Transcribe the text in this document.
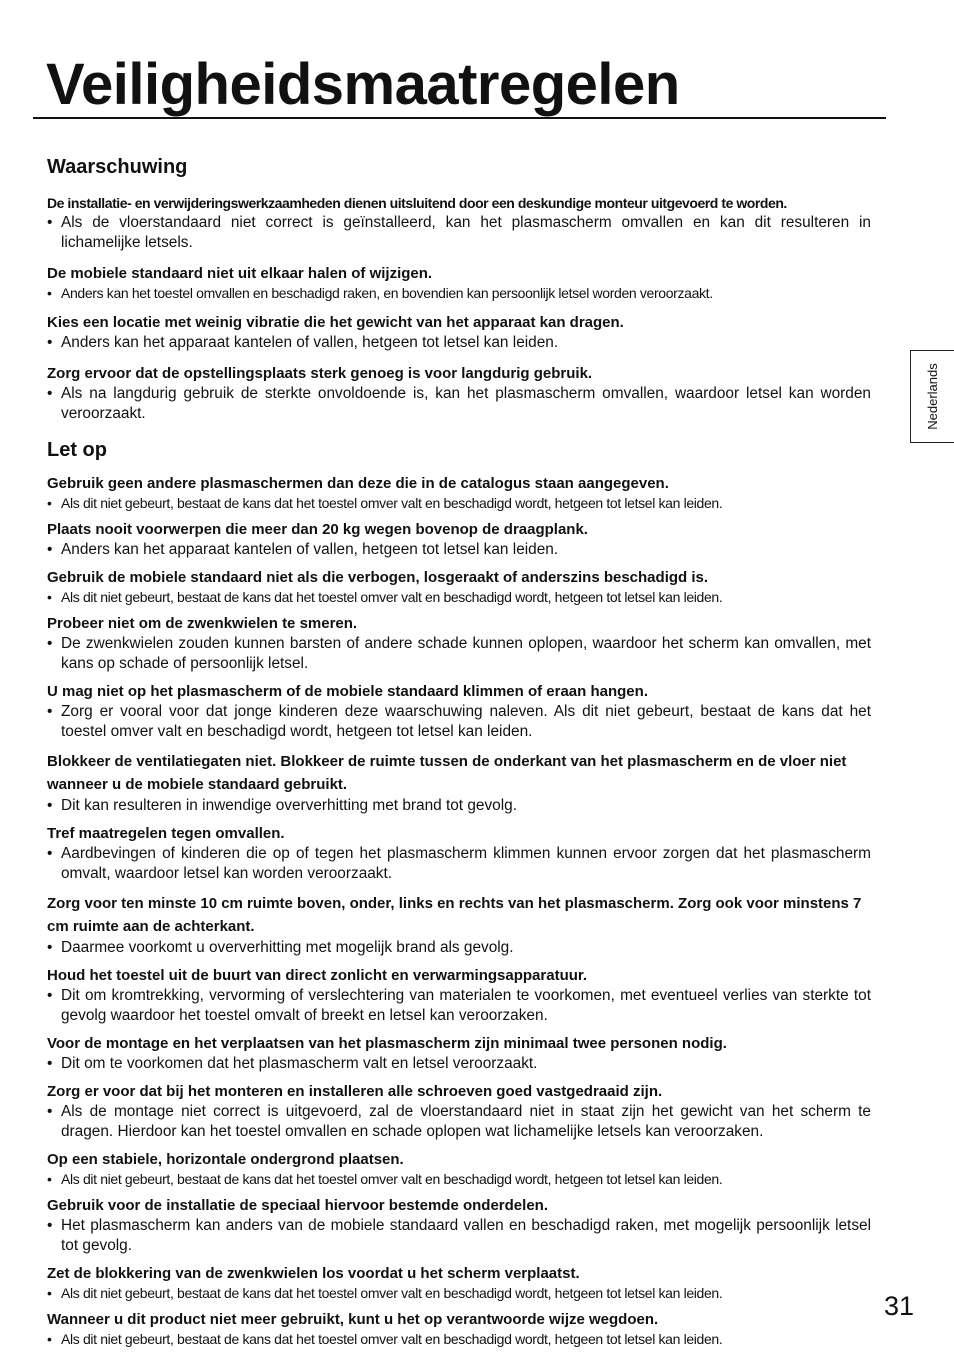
Veiligheidsmaatregelen
Waarschuwing
De installatie- en verwijderingswerkzaamheden dienen uitsluitend door een deskundige monteur uitgevoerd te worden.
• Als de vloerstandaard niet correct is geïnstalleerd, kan het plasmascherm omvallen en kan dit resulteren in lichamelijke letsels.
De mobiele standaard niet uit elkaar halen of wijzigen.
• Anders kan het toestel omvallen en beschadigd raken, en bovendien kan persoonlijk letsel worden veroorzaakt.
Kies een locatie met weinig vibratie die het gewicht van het apparaat kan dragen.
• Anders kan het apparaat kantelen of vallen, hetgeen tot letsel kan leiden.
Zorg ervoor dat de opstellingsplaats sterk genoeg is voor langdurig gebruik.
• Als na langdurig gebruik de sterkte onvoldoende is, kan het plasmascherm omvallen, waardoor letsel kan worden veroorzaakt.
Let op
Gebruik geen andere plasmaschermen dan deze die in de catalogus staan aangegeven.
• Als dit niet gebeurt, bestaat de kans dat het toestel omver valt en beschadigd wordt, hetgeen tot letsel kan leiden.
Plaats nooit voorwerpen die meer dan 20 kg wegen bovenop de draagplank.
• Anders kan het apparaat kantelen of vallen, hetgeen tot letsel kan leiden.
Gebruik de mobiele standaard niet als die verbogen, losgeraakt of anderszins beschadigd is.
• Als dit niet gebeurt, bestaat de kans dat het toestel omver valt en beschadigd wordt, hetgeen tot letsel kan leiden.
Probeer niet om de zwenkwielen te smeren.
• De zwenkwielen zouden kunnen barsten of andere schade kunnen oplopen, waardoor het scherm kan omvallen, met kans op schade of persoonlijk letsel.
U mag niet op het plasmascherm of de mobiele standaard klimmen of eraan hangen.
• Zorg er vooral voor dat jonge kinderen deze waarschuwing naleven. Als dit niet gebeurt, bestaat de kans dat het toestel omver valt en beschadigd wordt, hetgeen tot letsel kan leiden.
Blokkeer de ventilatiegaten niet. Blokkeer de ruimte tussen de onderkant van het plasmascherm en de vloer niet wanneer u de mobiele standaard gebruikt.
• Dit kan resulteren in inwendige oververhitting met brand tot gevolg.
Tref maatregelen tegen omvallen.
• Aardbevingen of kinderen die op of tegen het plasmascherm klimmen kunnen ervoor zorgen dat het plasmascherm omvalt, waardoor letsel kan worden veroorzaakt.
Zorg voor ten minste 10 cm ruimte boven, onder, links en rechts van het plasmascherm. Zorg ook voor minstens 7 cm ruimte aan de achterkant.
• Daarmee voorkomt u oververhitting met mogelijk brand als gevolg.
Houd het toestel uit de buurt van direct zonlicht en verwarmingsapparatuur.
• Dit om kromtrekking, vervorming of verslechtering van materialen te voorkomen, met eventueel verlies van sterkte tot gevolg waardoor het toestel omvalt of breekt en letsel kan veroorzaken.
Voor de montage en het verplaatsen van het plasmascherm zijn minimaal twee personen nodig.
• Dit om te voorkomen dat het plasmascherm valt en letsel veroorzaakt.
Zorg er voor dat bij het monteren en installeren alle schroeven goed vastgedraaid zijn.
• Als de montage niet correct is uitgevoerd, zal de vloerstandaard niet in staat zijn het gewicht van het scherm te dragen. Hierdoor kan het toestel omvallen en schade oplopen wat lichamelijke letsels kan veroorzaken.
Op een stabiele, horizontale ondergrond plaatsen.
• Als dit niet gebeurt, bestaat de kans dat het toestel omver valt en beschadigd wordt, hetgeen tot letsel kan leiden.
Gebruik voor de installatie de speciaal hiervoor bestemde onderdelen.
• Het plasmascherm kan anders van de mobiele standaard vallen en beschadigd raken, met mogelijk persoonlijk letsel tot gevolg.
Zet de blokkering van de zwenkwielen los voordat u het scherm verplaatst.
• Als dit niet gebeurt, bestaat de kans dat het toestel omver valt en beschadigd wordt, hetgeen tot letsel kan leiden.
Wanneer u dit product niet meer gebruikt, kunt u het op verantwoorde wijze wegdoen.
• Als dit niet gebeurt, bestaat de kans dat het toestel omver valt en beschadigd wordt, hetgeen tot letsel kan leiden.
Nederlands
31
